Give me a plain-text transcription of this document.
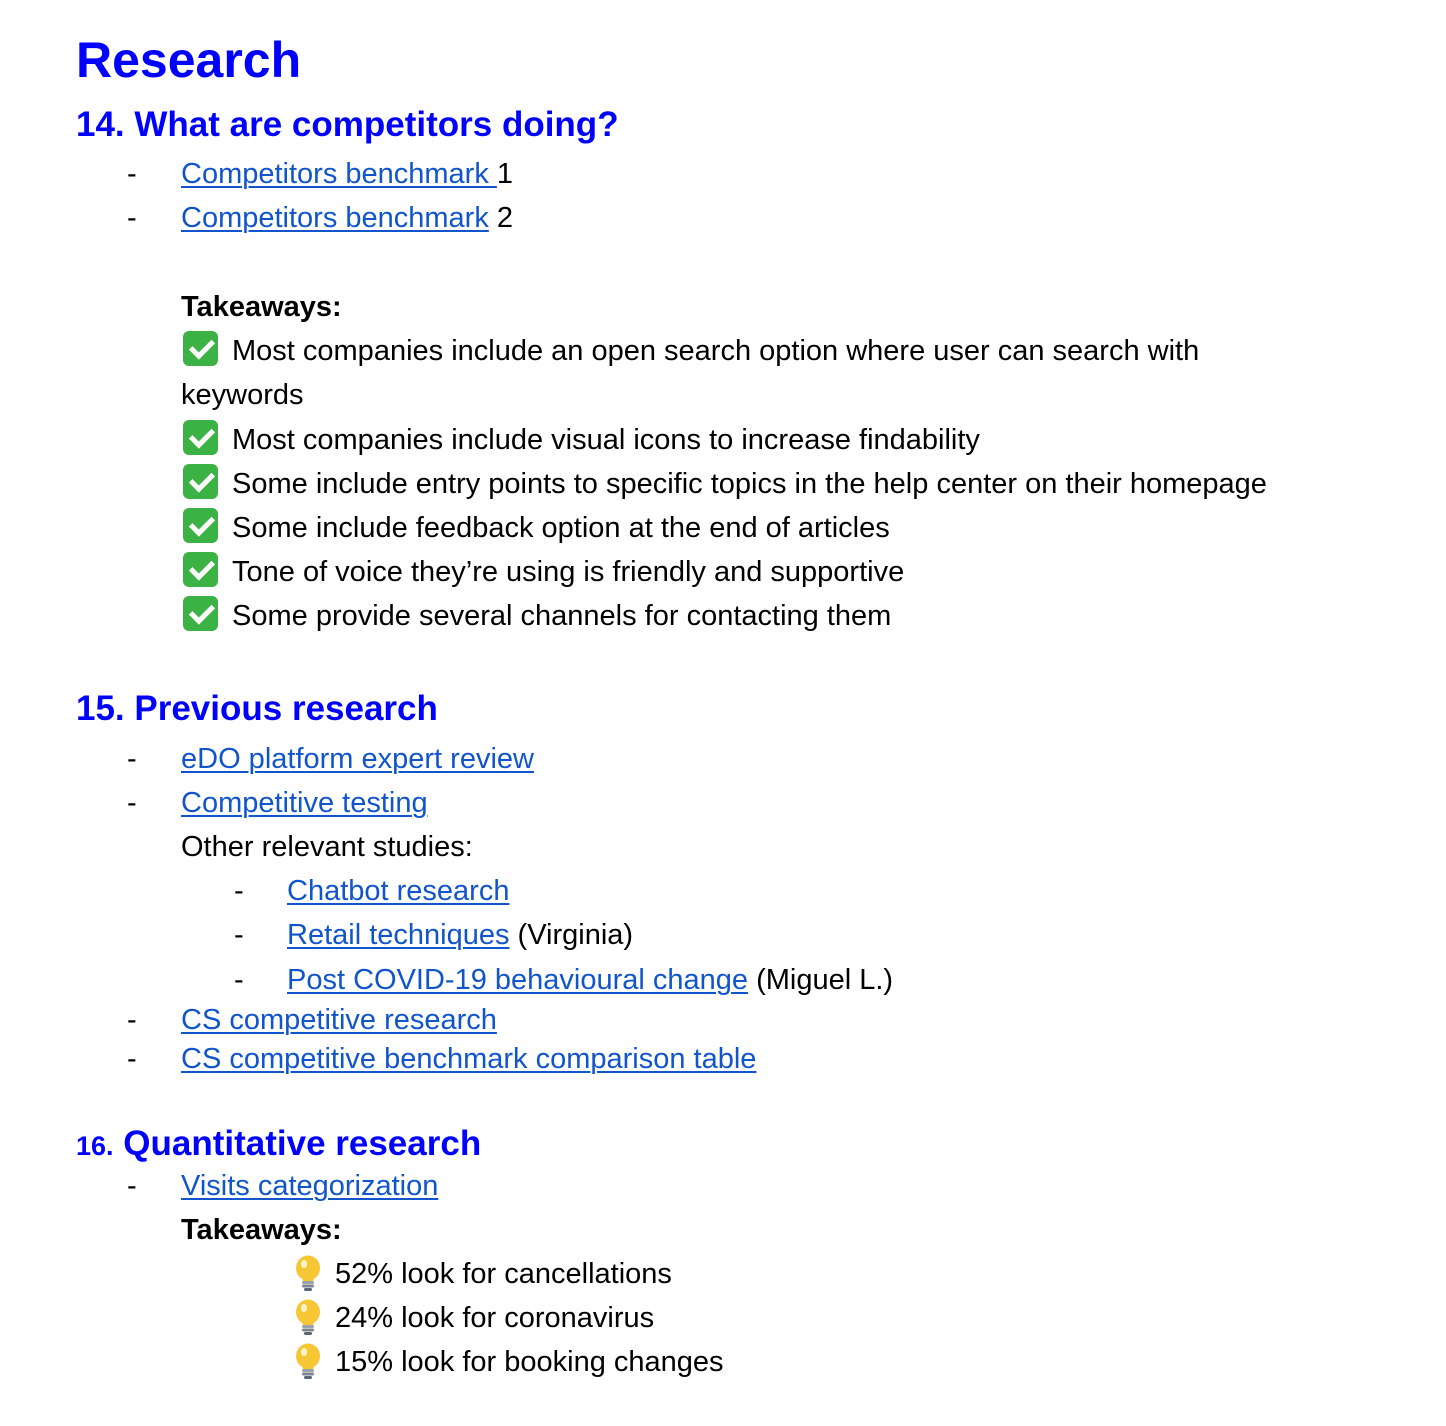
Research
14. What are competitors doing?
- Competitors benchmark 1
- Competitors benchmark 2
Takeaways:
Most companies include an open search option where user can search with
keywords
Most companies include visual icons to increase findability
Some include entry points to specific topics in the help center on their homepage
Some include feedback option at the end of articles
Tone of voice they’re using is friendly and supportive
Some provide several channels for contacting them
15. Previous research
- eDO platform expert review
- Competitive testing
Other relevant studies:
- Chatbot research
- Retail techniques (Virginia)
- Post COVID-19 behavioural change (Miguel L.)
- CS competitive research
- CS competitive benchmark comparison table
16. Quantitative research
- Visits categorization
Takeaways:
52% look for cancellations
24% look for coronavirus
15% look for booking changes
